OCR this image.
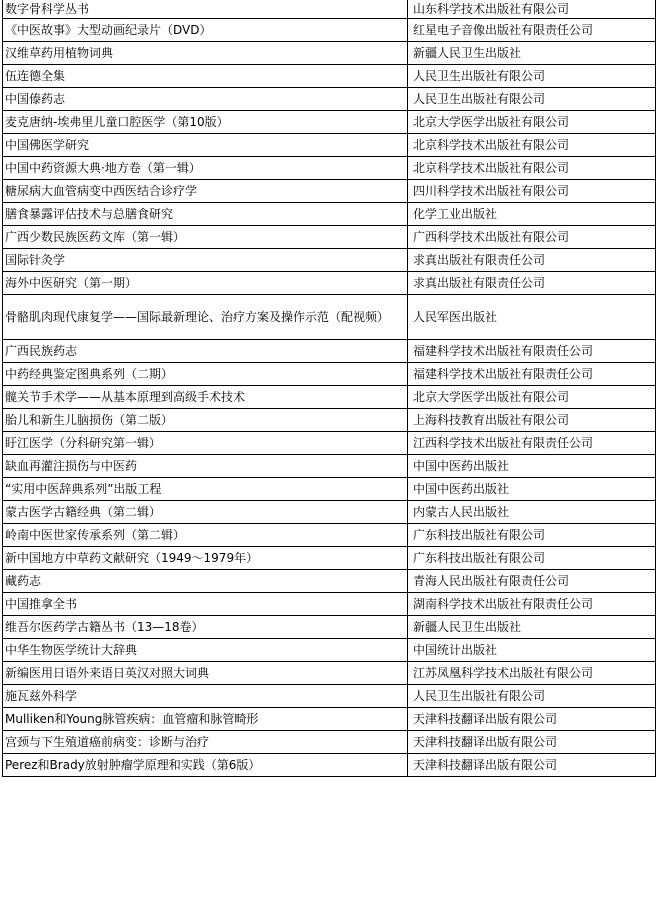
数字骨科学丛书	山东科学技术出版社有限公司
《中医故事》大型动画纪录片（DVD）	红星电子音像出版社有限责任公司
汉维草药用植物词典	新疆人民卫生出版社
伍连德全集	人民卫生出版社有限公司
中国傣药志	人民卫生出版社有限公司
麦克唐纳-埃弗里儿童口腔医学（第10版）	北京大学医学出版社有限公司
中国佛医学研究	北京科学技术出版社有限公司
中国中药资源大典·地方卷（第一辑）	北京科学技术出版社有限公司
糖尿病大血管病变中西医结合诊疗学	四川科学技术出版社有限公司
膳食暴露评估技术与总膳食研究	化学工业出版社
广西少数民族医药文库（第一辑）	广西科学技术出版社有限公司
国际针灸学	求真出版社有限责任公司
海外中医研究（第一期）	求真出版社有限责任公司
骨骼肌肉现代康复学——国际最新理论、治疗方案及操作示范（配视频）	人民军医出版社
广西民族药志	福建科学技术出版社有限责任公司
中药经典鉴定图典系列（二期）	福建科学技术出版社有限责任公司
髋关节手术学——从基本原理到高级手术技术	北京大学医学出版社有限公司
胎儿和新生儿脑损伤（第二版）	上海科技教育出版社有限公司
盱江医学（分科研究第一辑）	江西科学技术出版社有限责任公司
缺血再灌注损伤与中医药	中国中医药出版社
“实用中医辞典系列”出版工程	中国中医药出版社
蒙古医学古籍经典（第二辑）	内蒙古人民出版社
岭南中医世家传承系列（第二辑）	广东科技出版社有限公司
新中国地方中草药文献研究（1949～1979年）	广东科技出版社有限公司
藏药志	青海人民出版社有限责任公司
中国推拿全书	湖南科学技术出版社有限责任公司
维吾尔医药学古籍丛书（13—18卷）	新疆人民卫生出版社
中华生物医学统计大辞典	中国统计出版社
新编医用日语外来语日英汉对照大词典	江苏凤凰科学技术出版社有限公司
施瓦兹外科学	人民卫生出版社有限公司
Mulliken和Young脉管疾病：血管瘤和脉管畸形	天津科技翻译出版有限公司
宫颈与下生殖道癌前病变：诊断与治疗	天津科技翻译出版有限公司
Perez和Brady放射肿瘤学原理和实践（第6版）	天津科技翻译出版有限公司
